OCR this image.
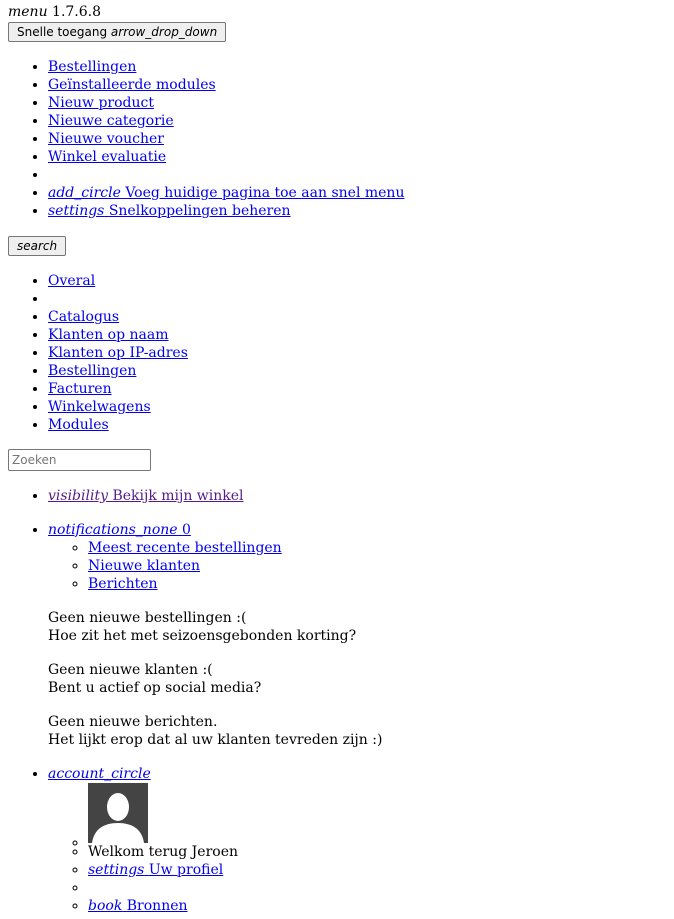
menu 1.7.6.8
Snelle toegang arrow_drop_down
• Bestellingen
• Geïnstalleerde modules
• Nieuw product
• Nieuwe categorie
• Nieuwe voucher
• Winkel evaluatie
•
• add_circle Voeg huidige pagina toe aan snel menu
• settings Snelkoppelingen beheren
search
• Overal
•
• Catalogus
• Klanten op naam
• Klanten op IP-adres
• Bestellingen
• Facturen
• Winkelwagens
• Modules
Zoeken
• visibility Bekijk mijn winkel
• notifications_none 0
◦ Meest recente bestellingen
◦ Nieuwe klanten
◦ Berichten
Geen nieuwe bestellingen :(
Hoe zit het met seizoensgebonden korting?
Geen nieuwe klanten :(
Bent u actief op social media?
Geen nieuwe berichten.
Het lijkt erop dat al uw klanten tevreden zijn :)
• account_circle
◦
◦ Welkom terug Jeroen
◦ settings Uw profiel
◦
◦ book Bronnen
